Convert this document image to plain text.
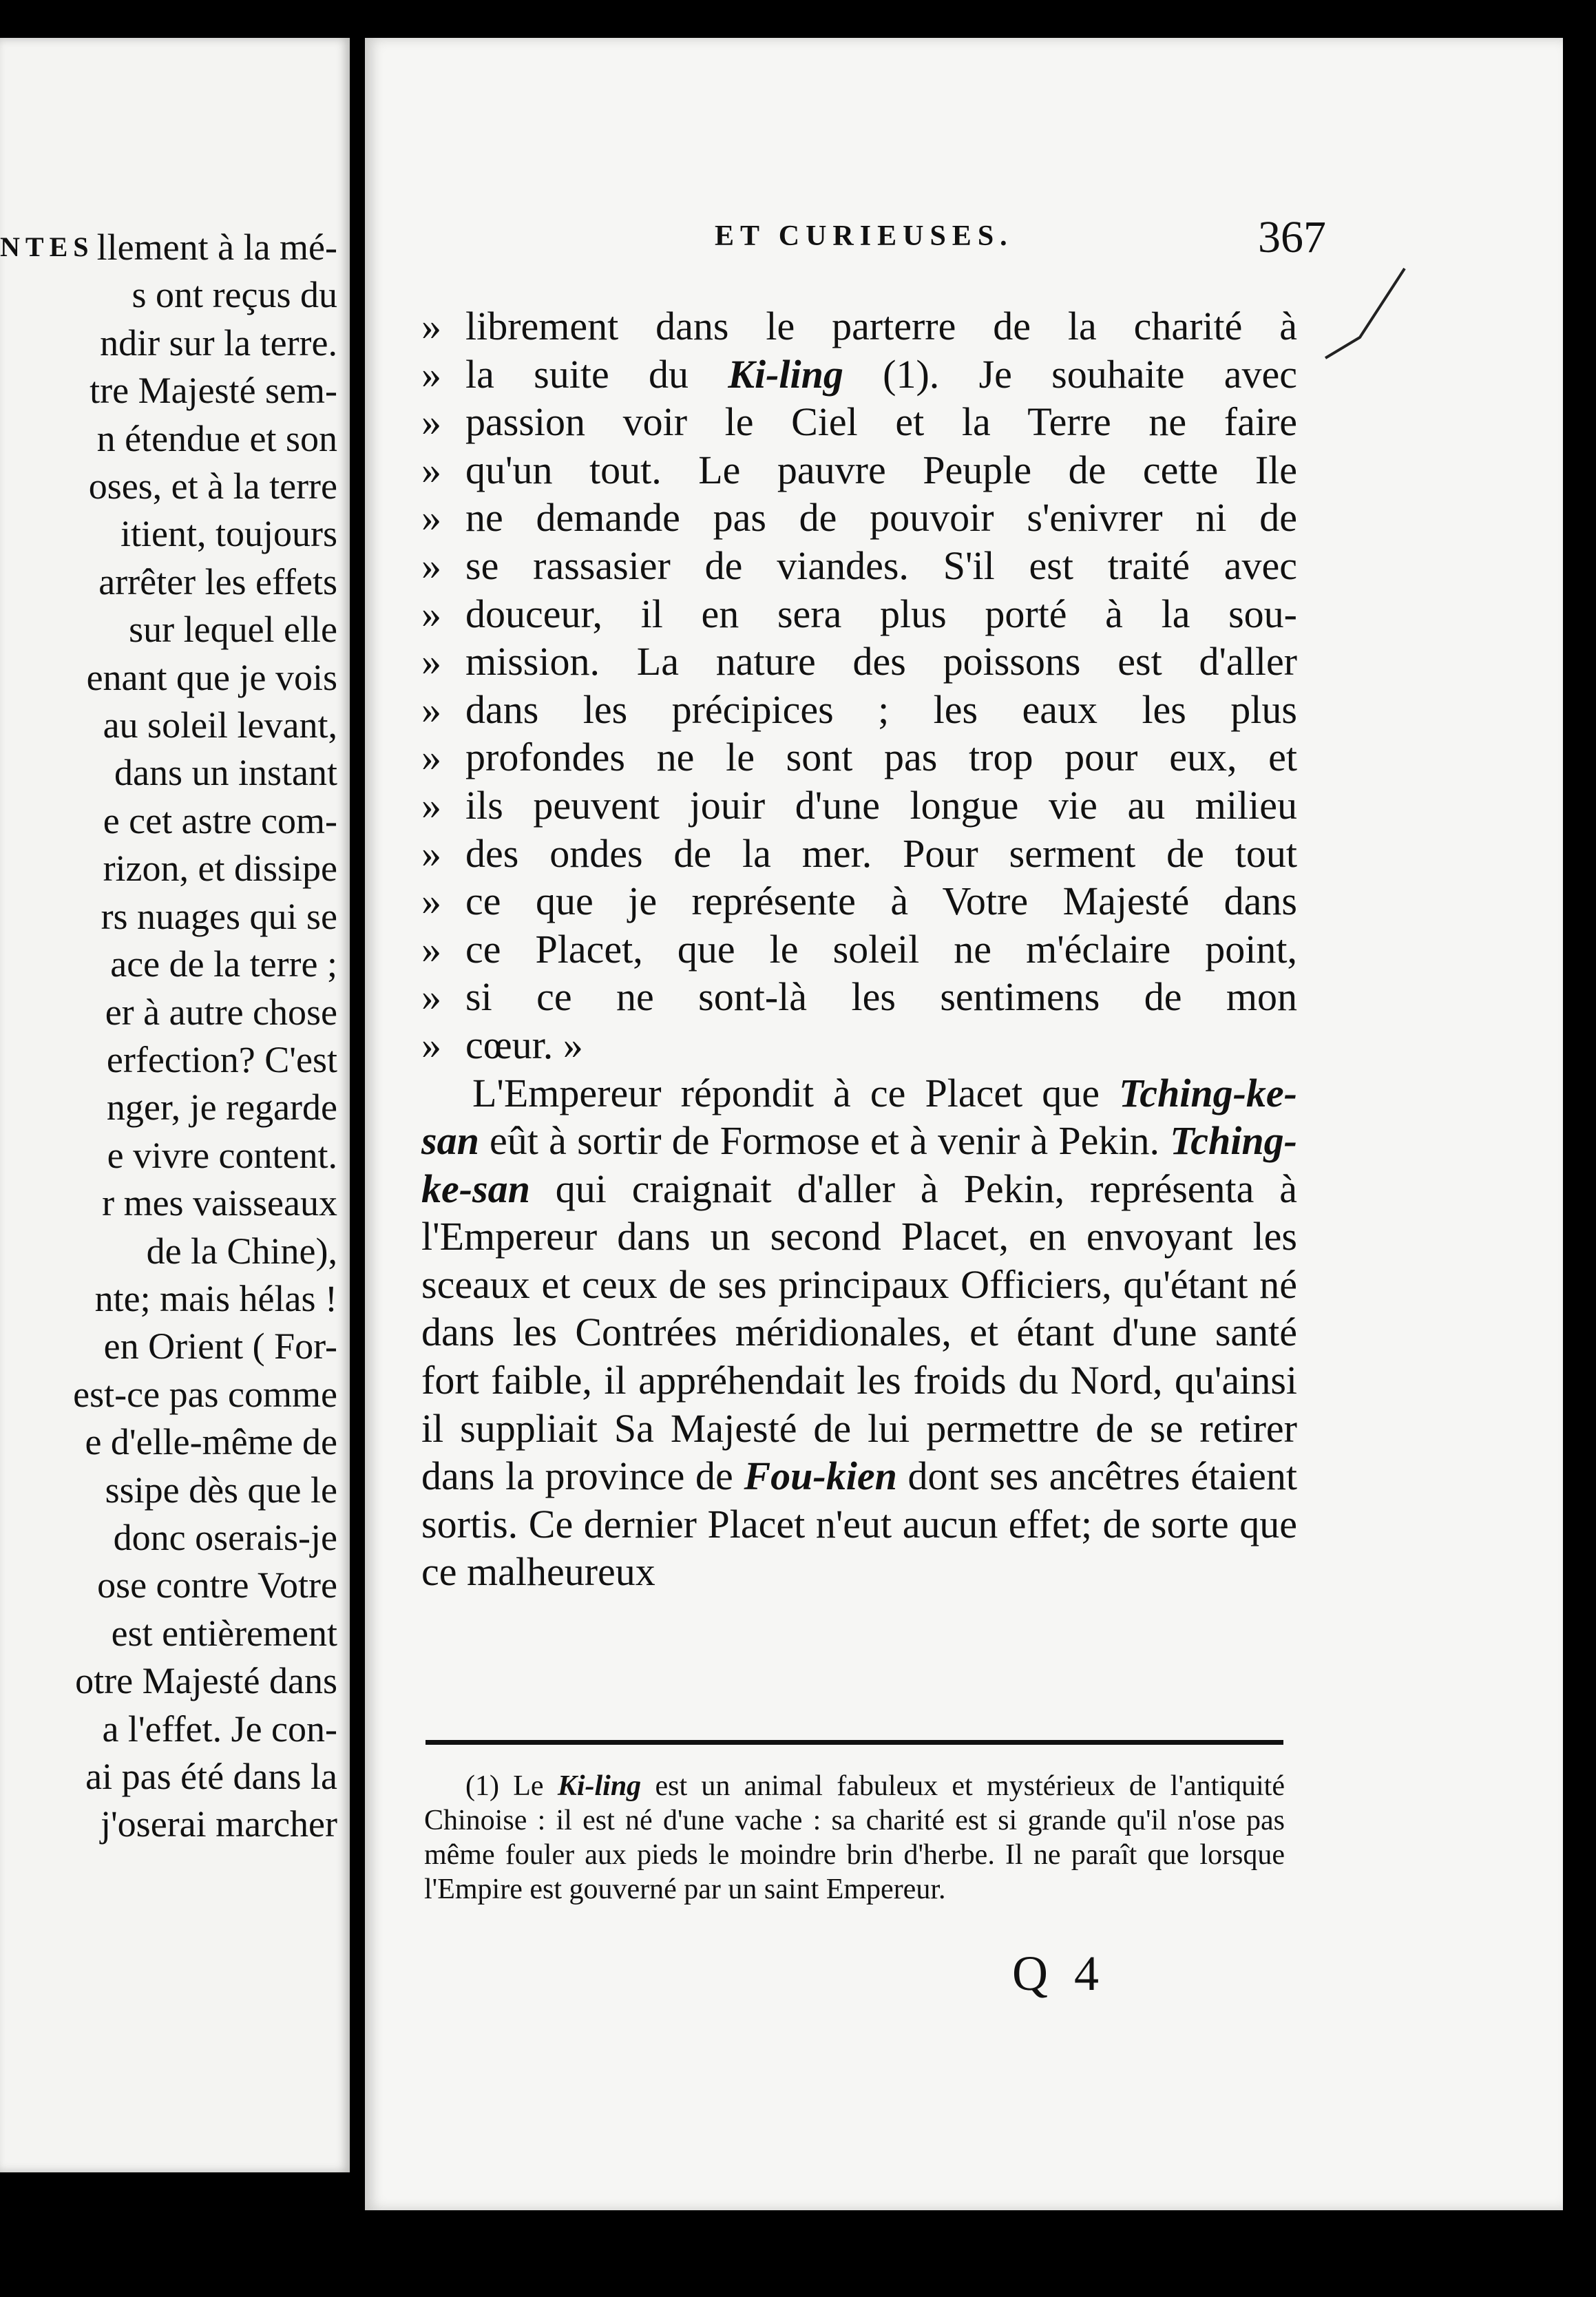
NTES llement à la mé-
s ont reçus du
ndir sur la terre.
tre Majesté sem-
n étendue et son
oses, et à la terre
itient, toujours
arrêter les effets
sur lequel elle
enant que je vois
au soleil levant,
dans un instant
e cet astre com-
rizon, et dissipe
rs nuages qui se
ace de la terre ;
er à autre chose
erfection? C'est
nger, je regarde
e vivre content.
r mes vaisseaux
de la Chine),
nte; mais hélas !
en Orient ( For-
est-ce pas comme
e d'elle-même de
ssipe dès que le
donc oserais-je
ose contre Votre
est entièrement
otre Majesté dans
a l'effet. Je con-
ai pas été dans la
j'oserai marcher
ET CURIEUSES.	367
» librement dans le parterre de la charité à
» la suite du Ki-ling (1). Je souhaite avec
» passion voir le Ciel et la Terre ne faire
» qu'un tout. Le pauvre Peuple de cette Ile
» ne demande pas de pouvoir s'enivrer ni de
» se rassasier de viandes. S'il est traité avec
» douceur, il en sera plus porté à la sou-
» mission. La nature des poissons est d'aller
» dans les précipices ; les eaux les plus
» profondes ne le sont pas trop pour eux, et
» ils peuvent jouir d'une longue vie au milieu
» des ondes de la mer. Pour serment de tout
» ce que je représente à Votre Majesté dans
» ce Placet, que le soleil ne m'éclaire point,
» si ce ne sont-là les sentimens de mon
» cœur. »
L'Empereur répondit à ce Placet que Tching-ke-san eût à sortir de Formose et à venir à Pekin. Tching-ke-san qui craignait d'aller à Pekin, représenta à l'Empereur dans un second Placet, en envoyant les sceaux et ceux de ses principaux Officiers, qu'étant né dans les Contrées méridionales, et étant d'une santé fort faible, il appréhendait les froids du Nord, qu'ainsi il suppliait Sa Majesté de lui permettre de se retirer dans la province de Fou-kien dont ses ancêtres étaient sortis. Ce dernier Placet n'eut aucun effet; de sorte que ce malheureux
(1) Le Ki-ling est un animal fabuleux et mystérieux de l'antiquité Chinoise : il est né d'une vache : sa charité est si grande qu'il n'ose pas même fouler aux pieds le moindre brin d'herbe. Il ne paraît que lorsque l'Empire est gouverné par un saint Empereur.
Q 4
